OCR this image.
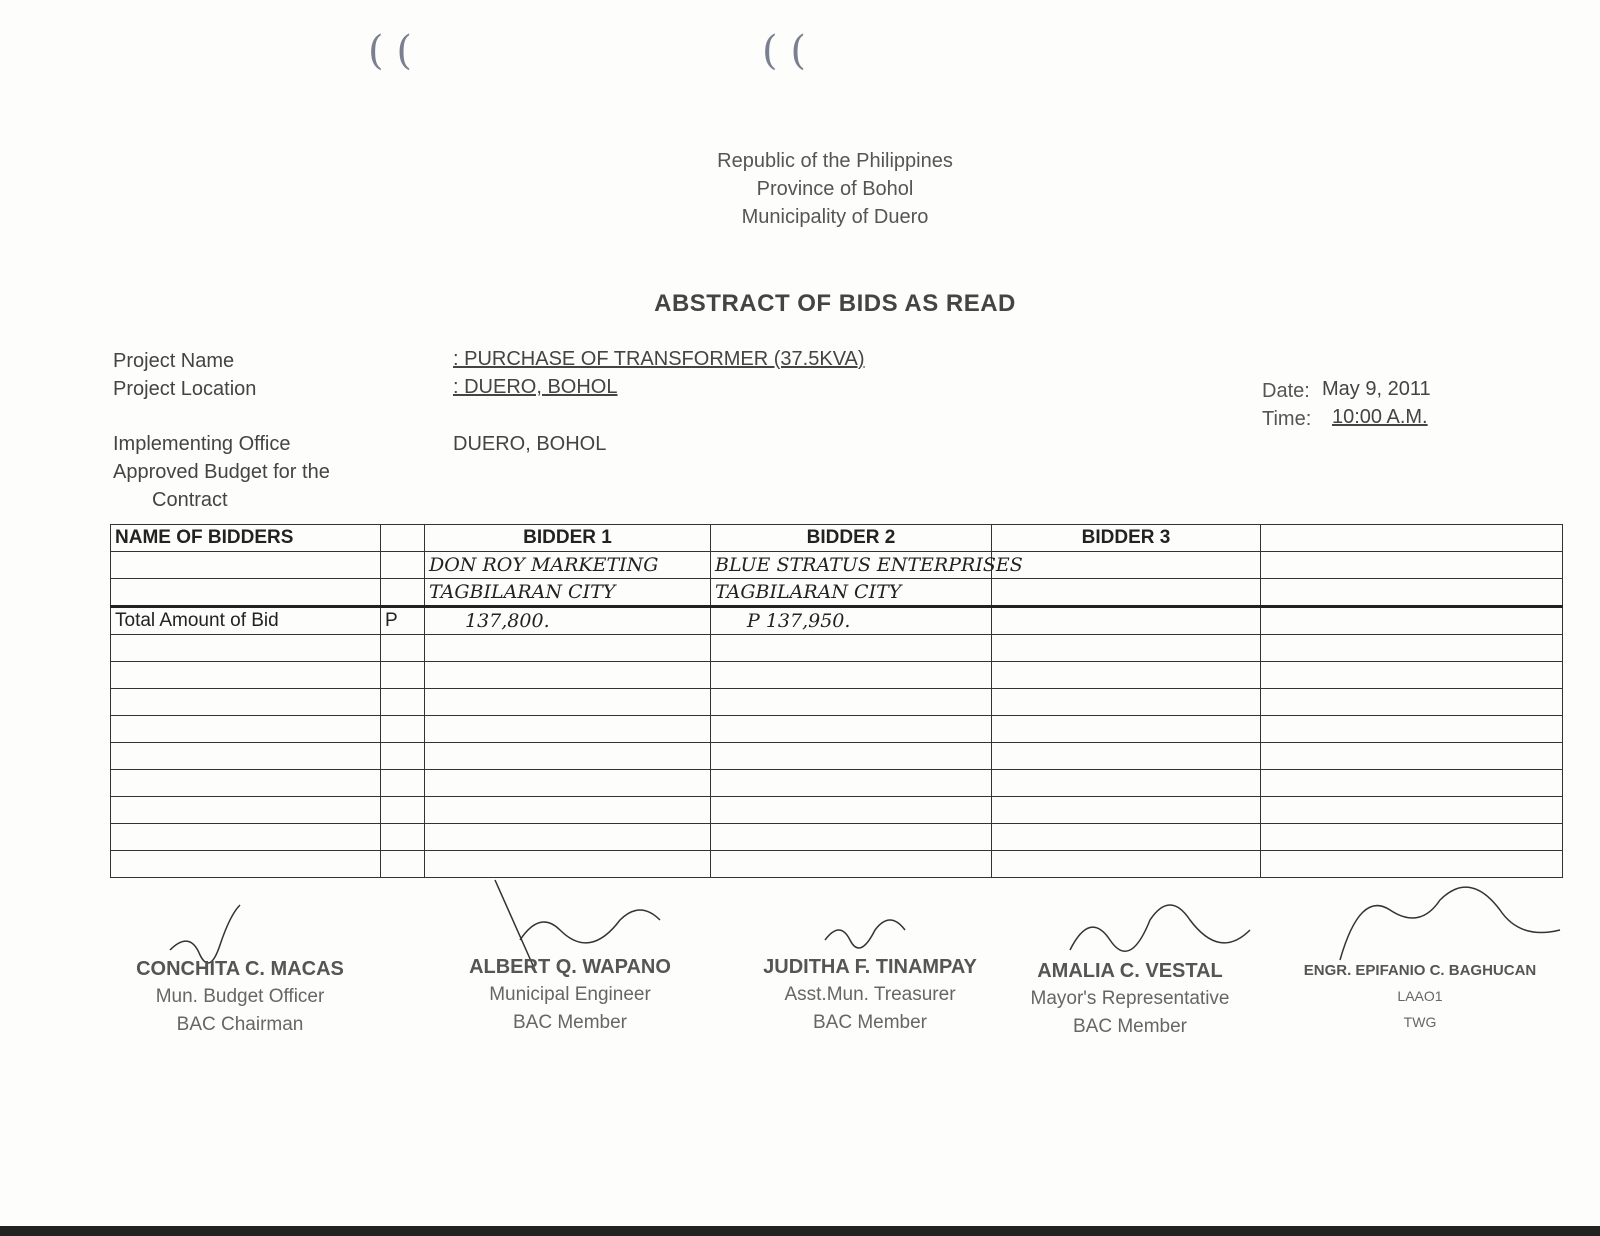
( (	( (
Republic of the Philippines
Province of Bohol
Municipality of Duero
ABSTRACT OF BIDS AS READ
Project Name	: PURCHASE OF TRANSFORMER (37.5KVA)
Project Location	: DUERO, BOHOL
Implementing Office	DUERO, BOHOL
Approved Budget for the
Contract
Date: May 9, 2011
Time: 10:00 A.M.
NAME OF BIDDERS		BIDDER 1	BIDDER 2	BIDDER 3	
		DON ROY MARKETING	BLUE STRATUS ENTERPRISES		
		TAGBILARAN CITY	TAGBILARAN CITY		
Total Amount of Bid	P	137,800.	P 137,950.		

CONCHITA C. MACAS
Mun. Budget Officer
BAC Chairman
ALBERT Q. WAPANO
Municipal Engineer
BAC Member
JUDITHA F. TINAMPAY
Asst.Mun. Treasurer
BAC Member
AMALIA C. VESTAL
Mayor's Representative
BAC Member
ENGR. EPIFANIO C. BAGHUCAN
LAAO1
TWG
